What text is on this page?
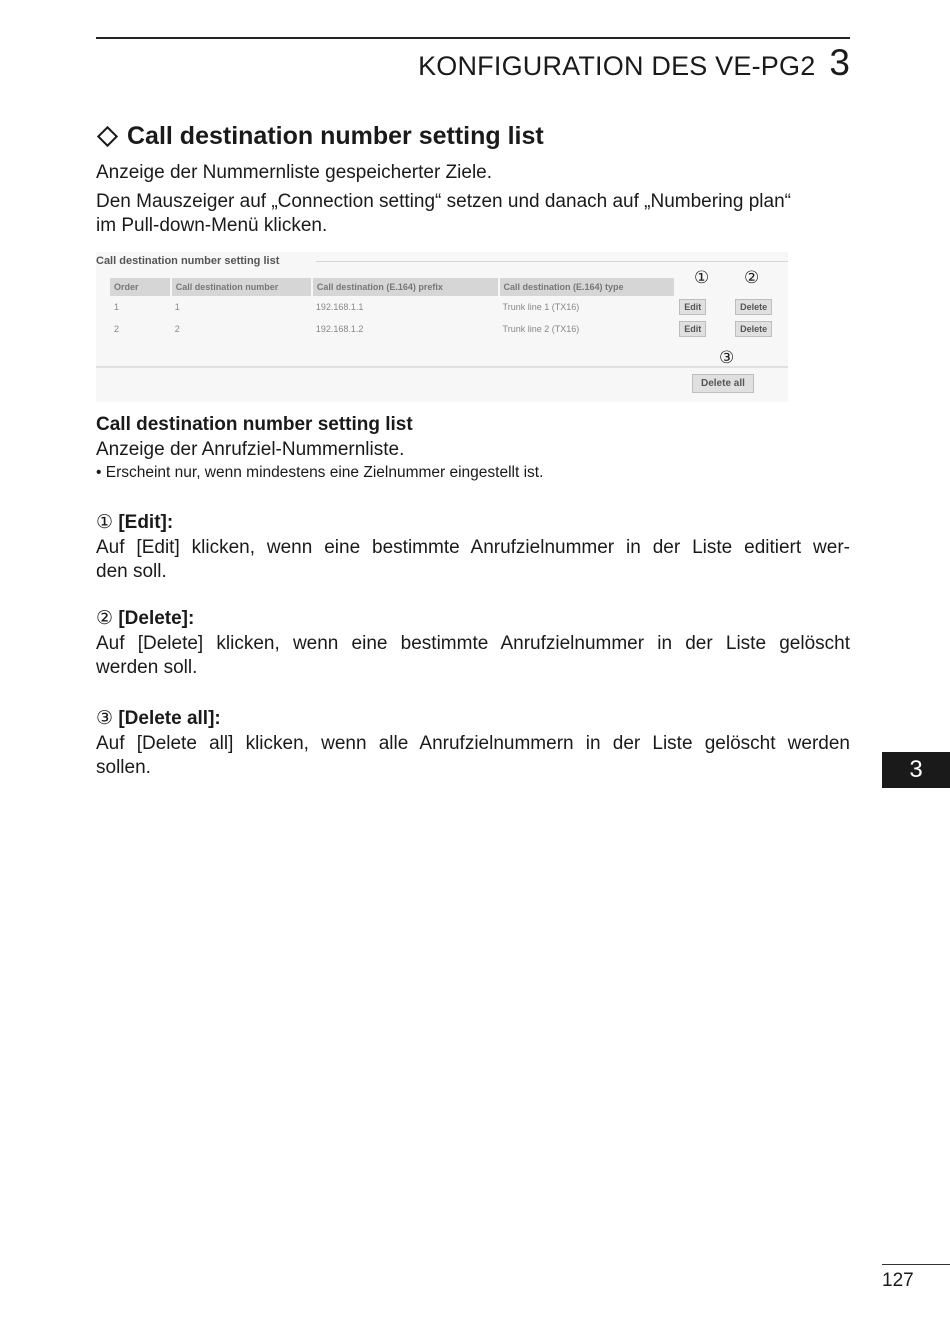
KONFIGURATION DES VE-PG2 3
Call destination number setting list
Anzeige der Nummernliste gespeicherter Ziele.
Den Mauszeiger auf „Connection setting“ setzen und danach auf „Numbering plan“
im Pull-down-Menü klicken.
Call destination number setting list
Order	Call destination number	Call destination (E.164) prefix	Call destination (E.164) type		
1	1	192.168.1.1	Trunk line 1 (TX16)	Edit	Delete
2	2	192.168.1.2	Trunk line 2 (TX16)	Edit	Delete
Delete all
① ②
③
Call destination number setting list
Anzeige der Anrufziel-Nummernliste.
• Erscheint nur, wenn mindestens eine Zielnummer eingestellt ist.
① [Edit]:
Auf [Edit] klicken, wenn eine bestimmte Anrufzielnummer in der Liste editiert wer-
den soll.
② [Delete]:
Auf [Delete] klicken, wenn eine bestimmte Anrufzielnummer in der Liste gelöscht
werden soll.
③ [Delete all]:
Auf [Delete all] klicken, wenn alle Anrufzielnummern in der Liste gelöscht werden
sollen.	3
127
